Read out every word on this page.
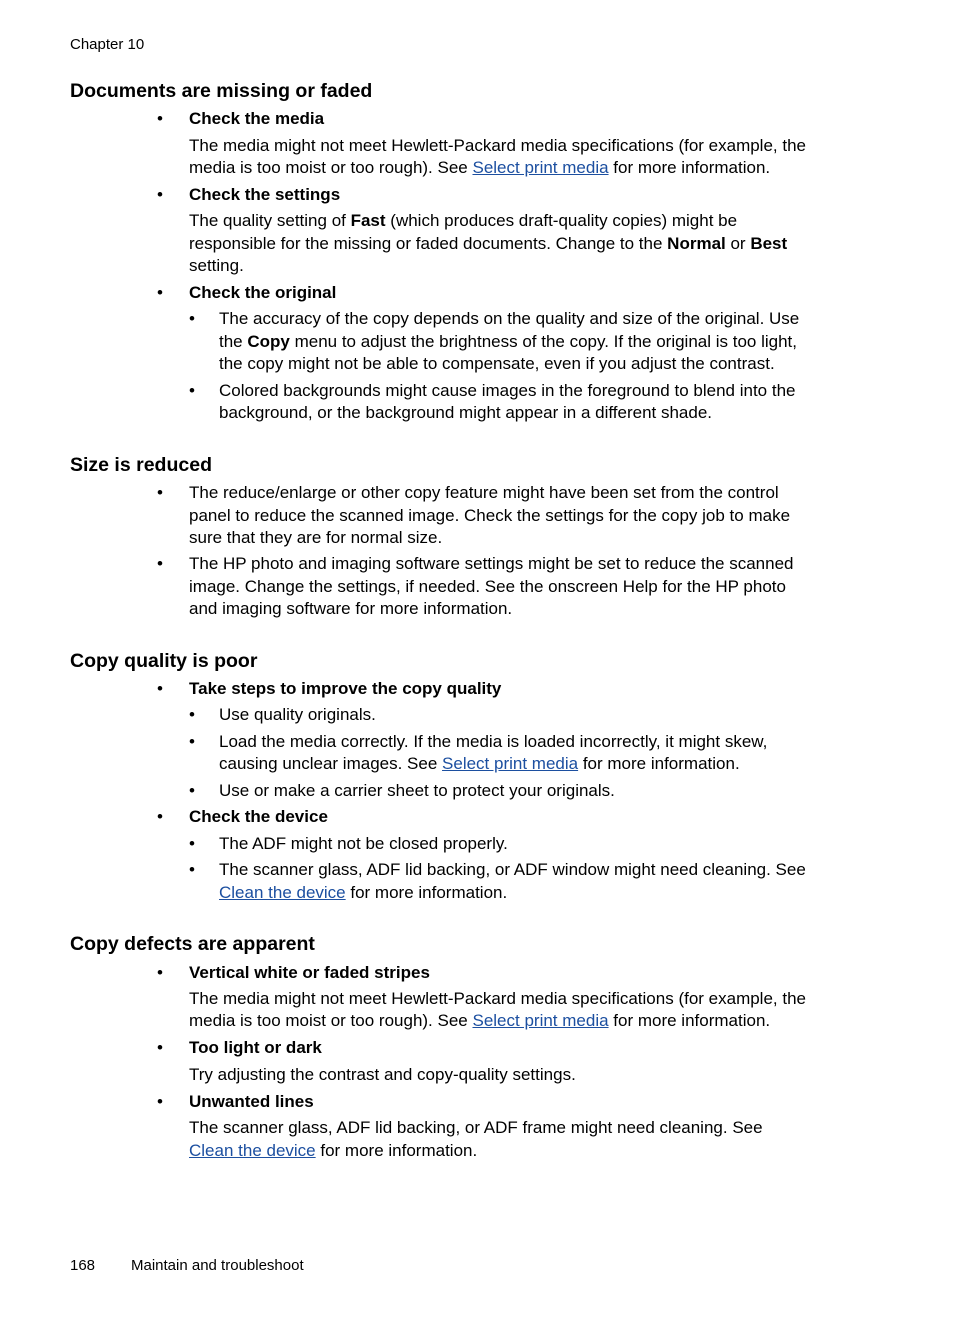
Chapter 10
Documents are missing or faded
• Check the media
The media might not meet Hewlett-Packard media specifications (for example, the
media is too moist or too rough). See Select print media for more information.
• Check the settings
The quality setting of Fast (which produces draft-quality copies) might be
responsible for the missing or faded documents. Change to the Normal or Best
setting.
• Check the original
• The accuracy of the copy depends on the quality and size of the original. Use
the Copy menu to adjust the brightness of the copy. If the original is too light,
the copy might not be able to compensate, even if you adjust the contrast.
• Colored backgrounds might cause images in the foreground to blend into the
background, or the background might appear in a different shade.
Size is reduced
• The reduce/enlarge or other copy feature might have been set from the control
panel to reduce the scanned image. Check the settings for the copy job to make
sure that they are for normal size.
• The HP photo and imaging software settings might be set to reduce the scanned
image. Change the settings, if needed. See the onscreen Help for the HP photo
and imaging software for more information.
Copy quality is poor
• Take steps to improve the copy quality
• Use quality originals.
• Load the media correctly. If the media is loaded incorrectly, it might skew,
causing unclear images. See Select print media for more information.
• Use or make a carrier sheet to protect your originals.
• Check the device
• The ADF might not be closed properly.
• The scanner glass, ADF lid backing, or ADF window might need cleaning. See
Clean the device for more information.
Copy defects are apparent
• Vertical white or faded stripes
The media might not meet Hewlett-Packard media specifications (for example, the
media is too moist or too rough). See Select print media for more information.
• Too light or dark
Try adjusting the contrast and copy-quality settings.
• Unwanted lines
The scanner glass, ADF lid backing, or ADF frame might need cleaning. See
Clean the device for more information.
168 Maintain and troubleshoot
